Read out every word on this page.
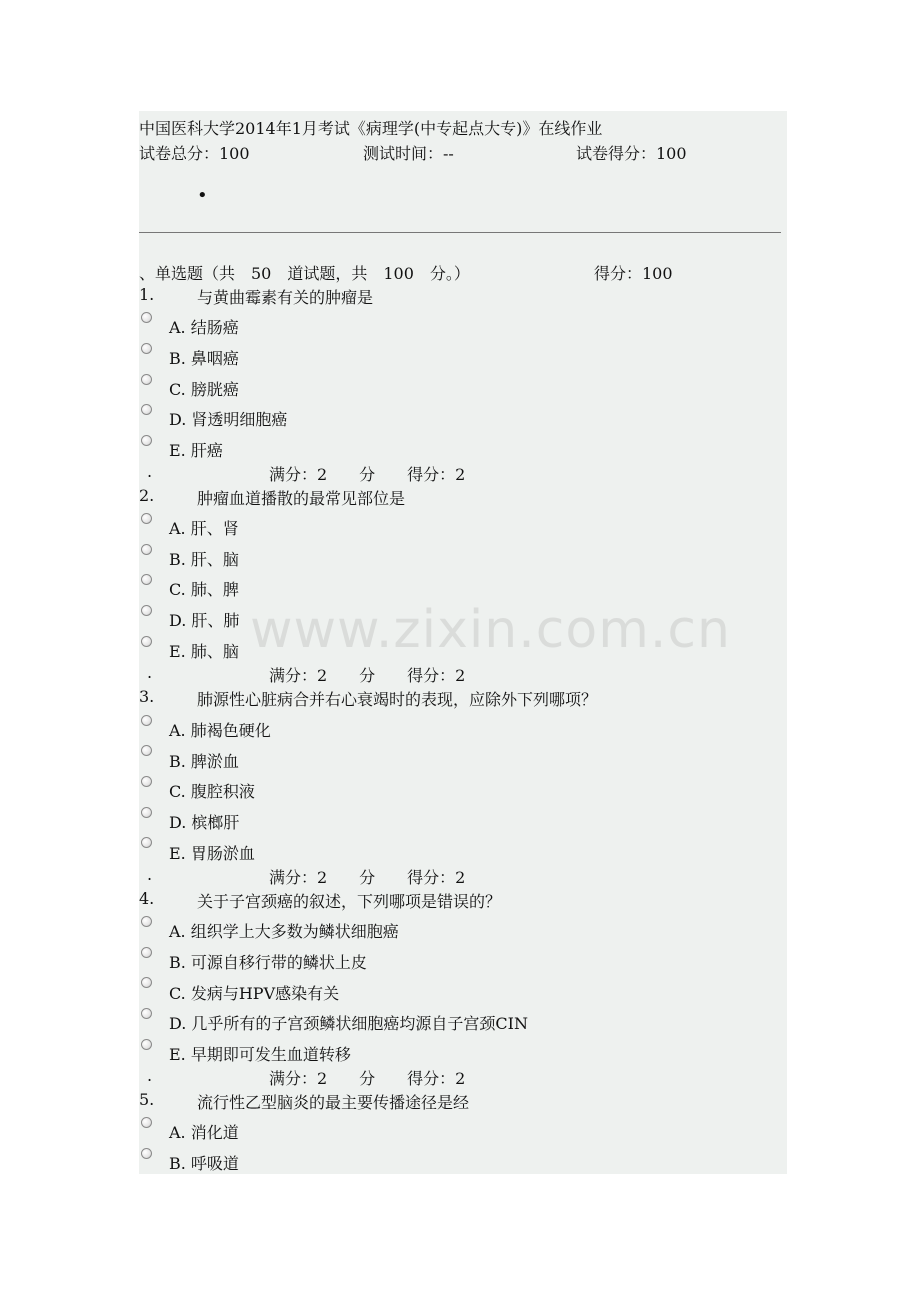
中国医科大学2014年1月考试《病理学(中专起点大专)》在线作业
试卷总分：100	测试时间：--	试卷得分：100
•
、单选题（共　50　道试题，共　100　分。）	得分：100
1.	与黄曲霉素有关的肿瘤是
A. 结肠癌
B. 鼻咽癌
C. 膀胱癌
D. 肾透明细胞癌
E. 肝癌
.	满分：2　　分　　得分：2
2.	肿瘤血道播散的最常见部位是
A. 肝、肾
B. 肝、脑
C. 肺、脾
D. 肝、肺
E. 肺、脑
.	满分：2　　分　　得分：2
3.	肺源性心脏病合并右心衰竭时的表现，应除外下列哪项？
A. 肺褐色硬化
B. 脾淤血
C. 腹腔积液
D. 槟榔肝
E. 胃肠淤血
.	满分：2　　分　　得分：2
4.	关于子宫颈癌的叙述，下列哪项是错误的？
A. 组织学上大多数为鳞状细胞癌
B. 可源自移行带的鳞状上皮
C. 发病与HPV感染有关
D. 几乎所有的子宫颈鳞状细胞癌均源自子宫颈CIN
E. 早期即可发生血道转移
.	满分：2　　分　　得分：2
5.	流行性乙型脑炎的最主要传播途径是经
A. 消化道
B. 呼吸道
www.zixin.com.cn
